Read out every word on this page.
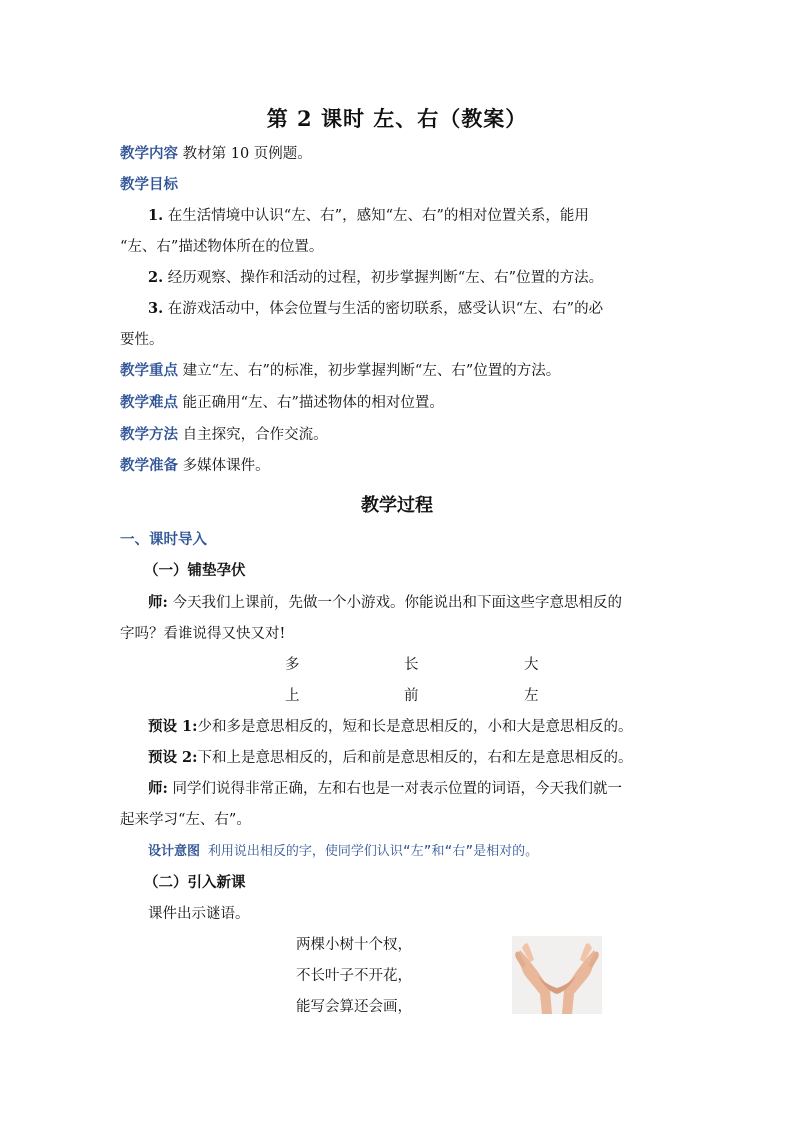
第 2 课时 左、右（教案）
教学内容 教材第 10 页例题。
教学目标
1. 在生活情境中认识“左、右”，感知“左、右”的相对位置关系，能用
“左、右”描述物体所在的位置。
2. 经历观察、操作和活动的过程，初步掌握判断“左、右”位置的方法。
3. 在游戏活动中，体会位置与生活的密切联系，感受认识“左、右”的必
要性。
教学重点 建立“左、右”的标准，初步掌握判断“左、右”位置的方法。
教学难点 能正确用“左、右”描述物体的相对位置。
教学方法 自主探究，合作交流。
教学准备 多媒体课件。
教学过程
一、课时导入
（一）铺垫孕伏
师: 今天我们上课前，先做一个小游戏。你能说出和下面这些字意思相反的
字吗？看谁说得又快又对!
多	长	大
上	前	左
预设 1:少和多是意思相反的，短和长是意思相反的，小和大是意思相反的。
预设 2:下和上是意思相反的，后和前是意思相反的，右和左是意思相反的。
师: 同学们说得非常正确，左和右也是一对表示位置的词语，今天我们就一
起来学习“左、右”。
设计意图 利用说出相反的字，使同学们认识“左”和“右”是相对的。
（二）引入新课
课件出示谜语。
两棵小树十个杈，
不长叶子不开花，
能写会算还会画，
